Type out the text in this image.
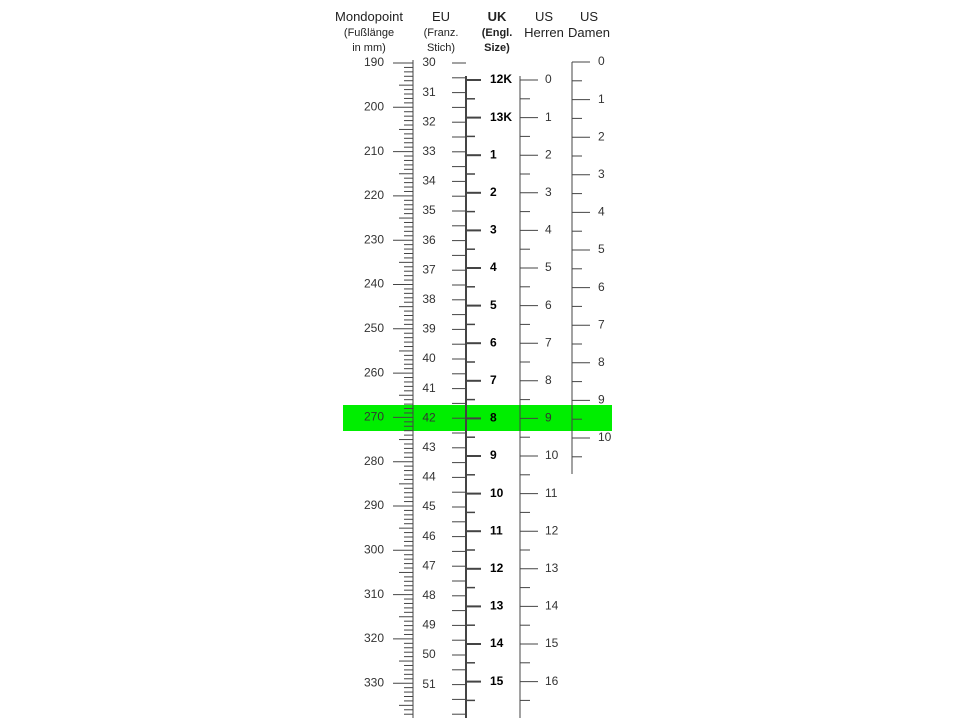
Mondopoint
(Fußlänge
in mm)
EU
(Franz.
Stich)
UK
(Engl.
Size)
US
Herren
US
Damen
190
200
210
220
230
240
250
260
270
280
290
300
310
320
330
30
31
32
33
34
35
36
37
38
39
40
41
42
43
44
45
46
47
48
49
50
51
12K
13K
1
2
3
4
5
6
7
8
9
10
11
12
13
14
15
0
1
2
3
4
5
6
7
8
9
10
11
12
13
14
15
16
0
1
2
3
4
5
6
7
8
9
10
